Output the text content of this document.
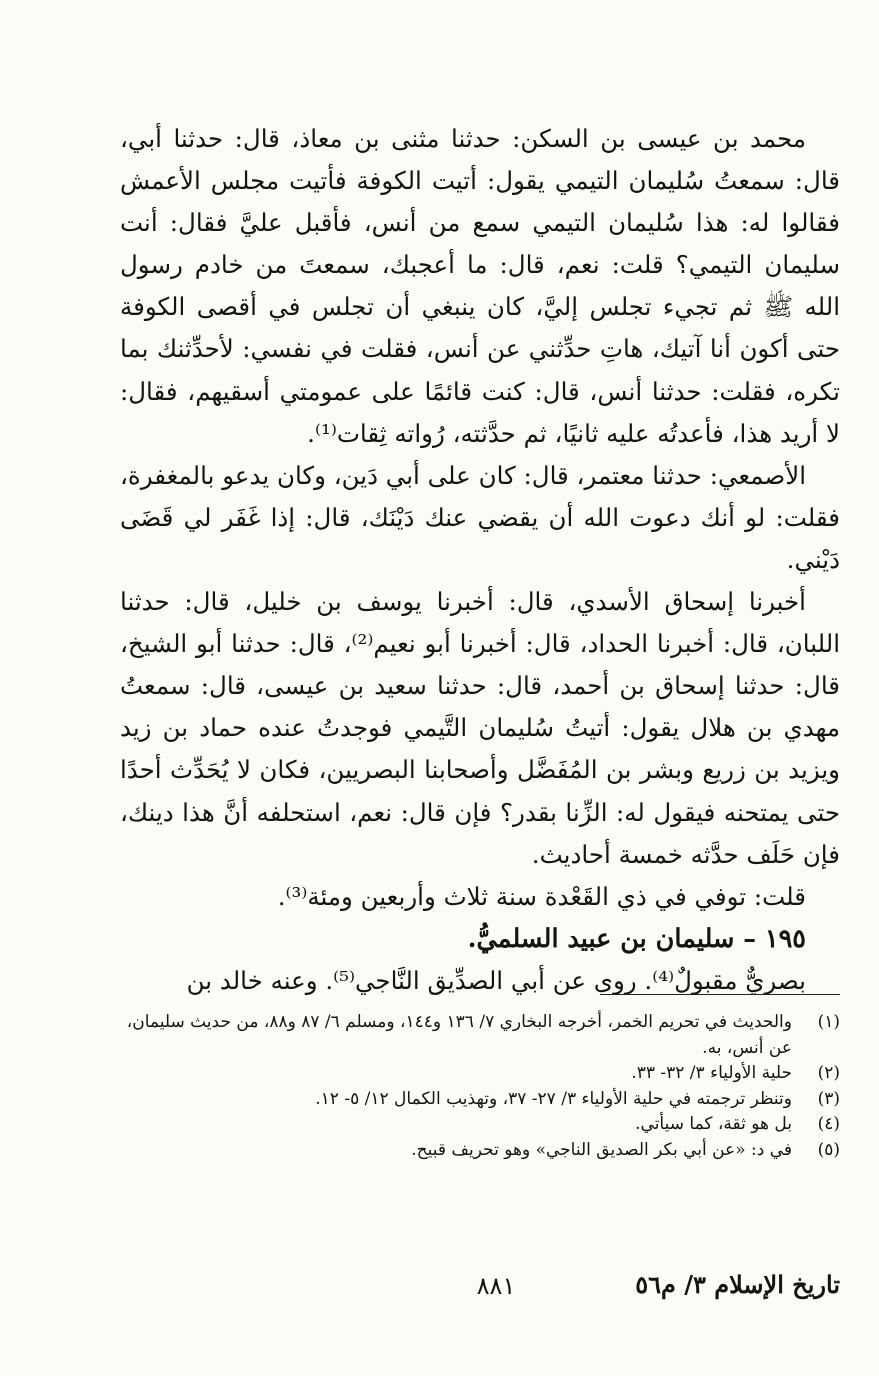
محمد بن عيسى بن السكن: حدثنا مثنى بن معاذ، قال: حدثنا أبي، قال: سمعتُ سُليمان التيمي يقول: أتيت الكوفة فأتيت مجلس الأعمش فقالوا له: هذا سُليمان التيمي سمع من أنس، فأقبل عليَّ فقال: أنت سليمان التيمي؟ قلت: نعم، قال: ما أعجبك، سمعتَ من خادم رسول الله ﷺ ثم تجيء تجلس إليَّ، كان ينبغي أن تجلس في أقصى الكوفة حتى أكون أنا آتيك، هاتِ حدِّثني عن أنس، فقلت في نفسي: لأحدِّثنك بما تكره، فقلت: حدثنا أنس، قال: كنت قائمًا على عمومتي أسقيهم، فقال: لا أريد هذا، فأعدتُه عليه ثانيًا، ثم حدَّثته، رُواته ثِقات⁽¹⁾.

الأصمعي: حدثنا معتمر، قال: كان على أبي دَين، وكان يدعو بالمغفرة، فقلت: لو أنك دعوت الله أن يقضي عنك دَيْنَك، قال: إذا غَفَر لي قَضَى دَيْني.

أخبرنا إسحاق الأسدي، قال: أخبرنا يوسف بن خليل، قال: حدثنا اللبان، قال: أخبرنا الحداد، قال: أخبرنا أبو نعيم⁽²⁾، قال: حدثنا أبو الشيخ، قال: حدثنا إسحاق بن أحمد، قال: حدثنا سعيد بن عيسى، قال: سمعتُ مهدي بن هلال يقول: أتيتُ سُليمان التَّيمي فوجدتُ عنده حماد بن زيد ويزيد بن زريع وبشر بن المُفَضَّل وأصحابنا البصريين، فكان لا يُحَدِّث أحدًا حتى يمتحنه فيقول له: الزِّنا بقدر؟ فإن قال: نعم، استحلفه أنَّ هذا دينك، فإن حَلَف حدَّثه خمسة أحاديث.

قلت: توفي في ذي القَعْدة سنة ثلاث وأربعين ومئة⁽³⁾.

١٩٥ – سليمان بن عبيد السلميُّ.

بصريٌّ مقبولٌ⁽⁴⁾. روى عن أبي الصدِّيق النَّاجي⁽⁵⁾. وعنه خالد بن

(١)
والحديث في تحريم الخمر، أخرجه البخاري ٧/ ١٣٦ و١٤٤، ومسلم ٦/ ٨٧ و٨٨، من حديث سليمان، عن أنس، به.
(٢)
حلية الأولياء ٣/ ٣٢- ٣٣.
(٣)
وتنظر ترجمته في حلية الأولياء ٣/ ٢٧- ٣٧، وتهذيب الكمال ١٢/ ٥- ١٢.
(٤)
بل هو ثقة، كما سيأتي.
(٥)
في د: «عن أبي بكر الصديق الناجي» وهو تحريف قبيح.
تاريخ الإسلام ٣/ م٥٦
٨٨١
